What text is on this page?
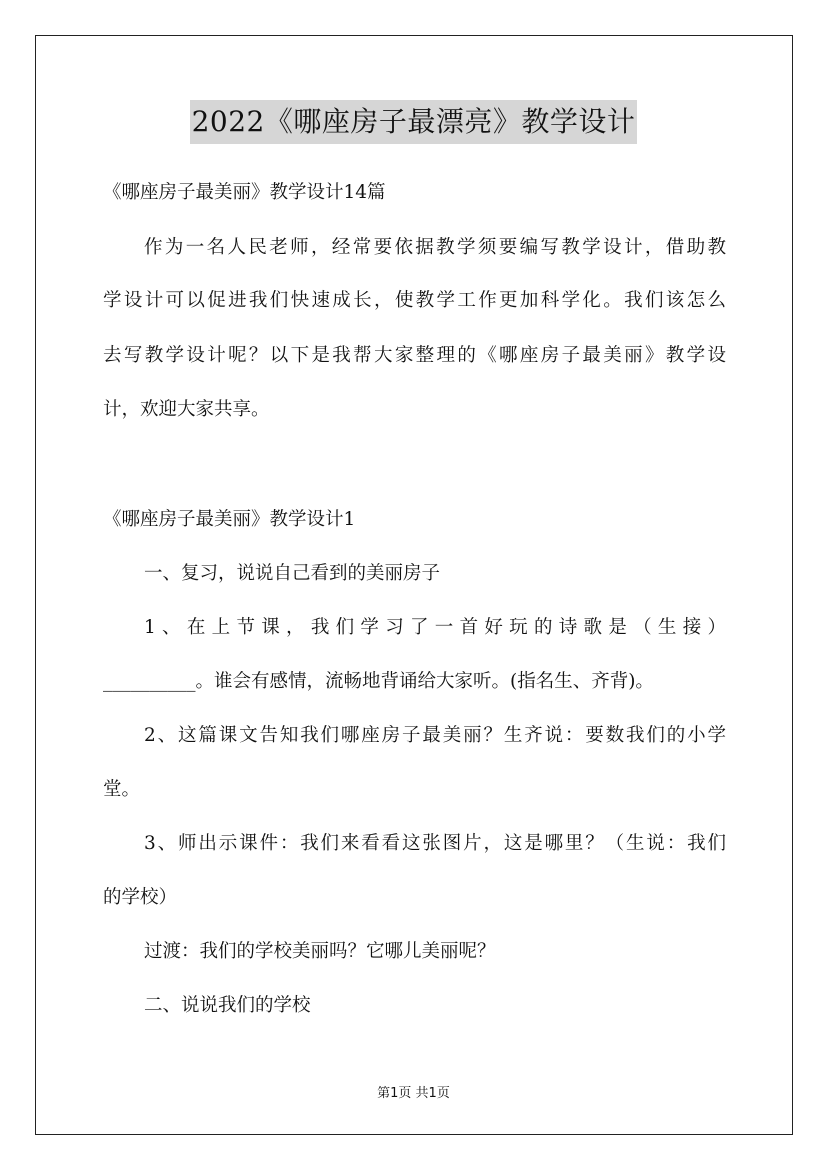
2022《哪座房子最漂亮》教学设计
《哪座房子最美丽》教学设计14篇
作为一名人民老师，经常要依据教学须要编写教学设计，借助教
学设计可以促进我们快速成长，使教学工作更加科学化。我们该怎么
去写教学设计呢？以下是我帮大家整理的《哪座房子最美丽》教学设
计，欢迎大家共享。
《哪座房子最美丽》教学设计1
一、复习，说说自己看到的美丽房子
1、在上节课，我们学习了一首好玩的诗歌是（生接）
__________。谁会有感情，流畅地背诵给大家听。(指名生、齐背)。
2、这篇课文告知我们哪座房子最美丽？生齐说：要数我们的小学
堂。
3、师出示课件：我们来看看这张图片，这是哪里？（生说：我们
的学校）
过渡：我们的学校美丽吗？它哪儿美丽呢？
二、说说我们的学校
第1页 共1页
